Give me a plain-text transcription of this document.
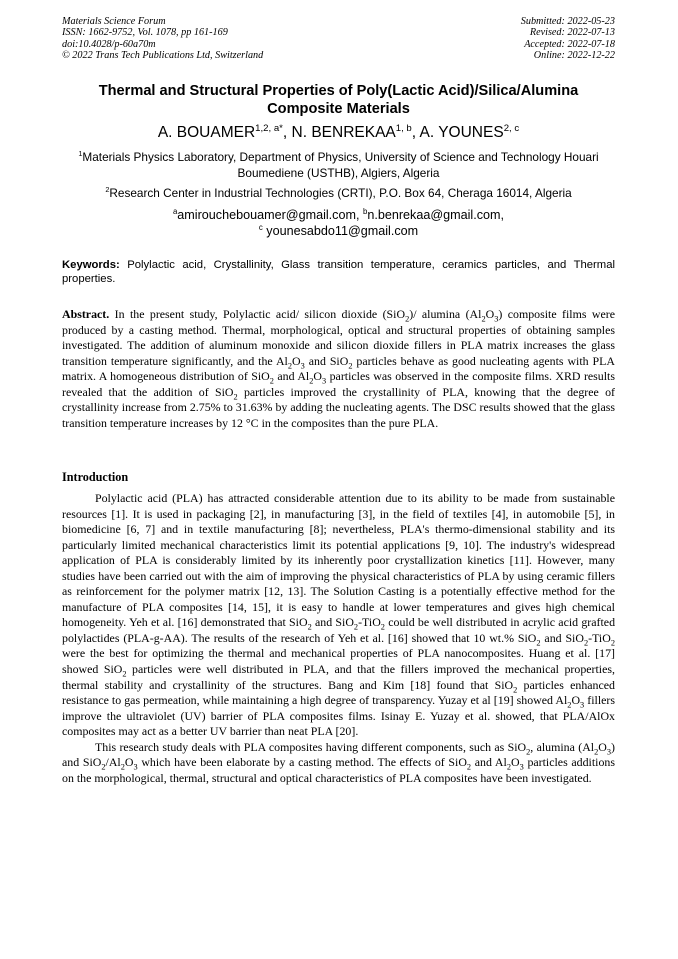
Materials Science Forum
ISSN: 1662-9752, Vol. 1078, pp 161-169
doi:10.4028/p-60a70m
© 2022 Trans Tech Publications Ltd, Switzerland
Submitted: 2022-05-23
Revised: 2022-07-13
Accepted: 2022-07-18
Online: 2022-12-22
Thermal and Structural Properties of Poly(Lactic Acid)/Silica/Alumina Composite Materials
A. $BOUAMER^{1,2, a*}$, N. BENREKAA$^{1, b}$, A. YOUNES$^{2, c}$
$^1$Materials Physics Laboratory, Department of Physics, University of Science and Technology Houari Boumediene (USTHB), Algiers, Algeria
$^2$Research Center in Industrial Technologies (CRTI), P.O. Box 64, Cheraga 16014, Algeria
$^a$amirouchebouamer@gmail.com, $^b$n.benrekaa@gmail.com,
$^c$ younesabdo11@gmail.com
Keywords: Polylactic acid, Crystallinity, Glass transition temperature, ceramics particles, and Thermal properties.
Abstract. In the present study, Polylactic acid/ silicon dioxide (SiO$_2$)/ alumina $(Al_2O_3)$ composite films were produced by a casting method. Thermal, morphological, optical and structural properties of obtaining samples investigated. The addition of aluminum monoxide and silicon dioxide fillers in PLA matrix increases the glass transition temperature significantly, and the $Al_2O_3$ and SiO$_2$ particles behave as good nucleating agents with PLA matrix. A homogeneous distribution of SiO$_2$ and $Al_2O_3$ particles was observed in the composite films. XRD results revealed that the addition of SiO$_2$ particles improved the crystallinity of PLA, knowing that the degree of crystallinity increase from 2.75% to 31.63% by adding the nucleating agents. The DSC results showed that the glass transition temperature increases by 12 °C in the composites than the pure PLA.
Introduction

Polylactic acid (PLA) has attracted considerable attention due to its ability to be made from sustainable resources [1]. It is used in packaging [2], in manufacturing [3], in the field of textiles [4], in automobile [5], in biomedicine [6, 7] and in textile manufacturing [8]; nevertheless, PLA's thermo-dimensional stability and its particularly limited mechanical characteristics limit its potential applications [9, 10]. The industry's widespread application of PLA is considerably limited by its inherently poor crystallization kinetics [11]. However, many studies have been carried out with the aim of improving the physical characteristics of PLA by using ceramic fillers as reinforcement for the polymer matrix [12, 13]. The Solution Casting is a potentially effective method for the manufacture of PLA composites [14, 15], it is easy to handle at lower temperatures and gives high chemical homogeneity. Yeh et al. [16] demonstrated that SiO$_2$ and SiO$_2$-TiO$_2$ could be well distributed in acrylic acid grafted polylactides (PLA-g-AA). The results of the research of Yeh et al. [16] showed that 10 wt.% SiO$_2$ and SiO$_2$-TiO$_2$ were the best for optimizing the thermal and mechanical properties of PLA nanocomposites. Huang et al. [17] showed SiO$_2$ particles were well distributed in PLA, and that the fillers improved the mechanical properties, thermal stability and crystallinity of the structures. Bang and Kim [18] found that SiO$_2$ particles enhanced resistance to gas permeation, while maintaining a high degree of transparency. Yuzay et al [19] showed $Al_2O_3$ fillers improve the ultraviolet (UV) barrier of PLA composites films. Isinay E. Yuzay et al. showed, that PLA/AlOx composites may act as a better UV barrier than neat PLA [20].

This research study deals with PLA composites having different components, such as SiO$_2$, alumina $(Al_2O_3)$ and $SiO_2/Al_2O_3$ which have been elaborate by a casting method. The effects of SiO$_2$ and $Al_2O_3$ particles additions on the morphological, thermal, structural and optical characteristics of PLA composites have been investigated.
